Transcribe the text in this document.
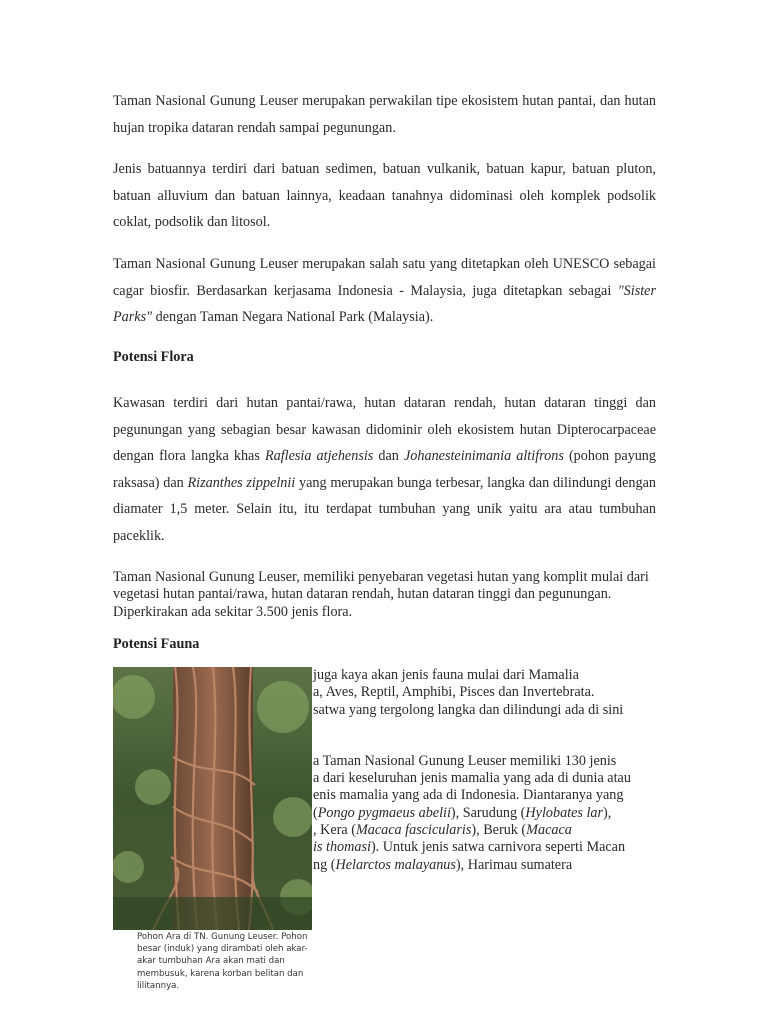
Taman Nasional Gunung Leuser merupakan perwakilan tipe ekosistem hutan pantai, dan hutan hujan tropika dataran rendah sampai pegunungan.

Jenis batuannya terdiri dari batuan sedimen, batuan vulkanik, batuan kapur, batuan pluton, batuan alluvium dan batuan lainnya, keadaan tanahnya didominasi oleh komplek podsolik coklat, podsolik dan litosol.

Taman Nasional Gunung Leuser merupakan salah satu yang ditetapkan oleh UNESCO sebagai cagar biosfir. Berdasarkan kerjasama Indonesia - Malaysia, juga ditetapkan sebagai "Sister Parks" dengan Taman Negara National Park (Malaysia).

Potensi Flora

Kawasan terdiri dari hutan pantai/rawa, hutan dataran rendah, hutan dataran tinggi dan pegunungan yang sebagian besar kawasan didominir oleh ekosistem hutan Dipterocarpaceae dengan flora langka khas Raflesia atjehensis dan Johanesteinimania altifrons (pohon payung raksasa) dan Rizanthes zippelnii yang merupakan bunga terbesar, langka dan dilindungi dengan diamater 1,5 meter. Selain itu, itu terdapat tumbuhan yang unik yaitu ara atau tumbuhan paceklik.

Taman Nasional Gunung Leuser, memiliki penyebaran vegetasi hutan yang komplit mulai dari vegetasi hutan pantai/rawa, hutan dataran rendah, hutan dataran tinggi dan pegunungan. Diperkirakan ada sekitar 3.500 jenis flora.

Potensi Fauna
juga kaya akan jenis fauna mulai dari Mamalia
a, Aves, Reptil, Amphibi, Pisces dan Invertebrata.
satwa yang tergolong langka dan dilindungi ada di sini
a Taman Nasional Gunung Leuser memiliki 130 jenis
a dari keseluruhan jenis mamalia yang ada di dunia atau
enis mamalia yang ada di Indonesia. Diantaranya yang
(Pongo pygmaeus abelii), Sarudung (Hylobates lar),
, Kera (Macaca fascicularis), Beruk (Macaca
is thomasi). Untuk jenis satwa carnivora seperti Macan
ng (Helarctos malayanus), Harimau sumatera

Pohon Ara di TN. Gunung Leuser. Pohon besar (induk) yang dirambati oleh akar-akar tumbuhan Ara akan mati dan membusuk, karena korban belitan dan lilitannya.
